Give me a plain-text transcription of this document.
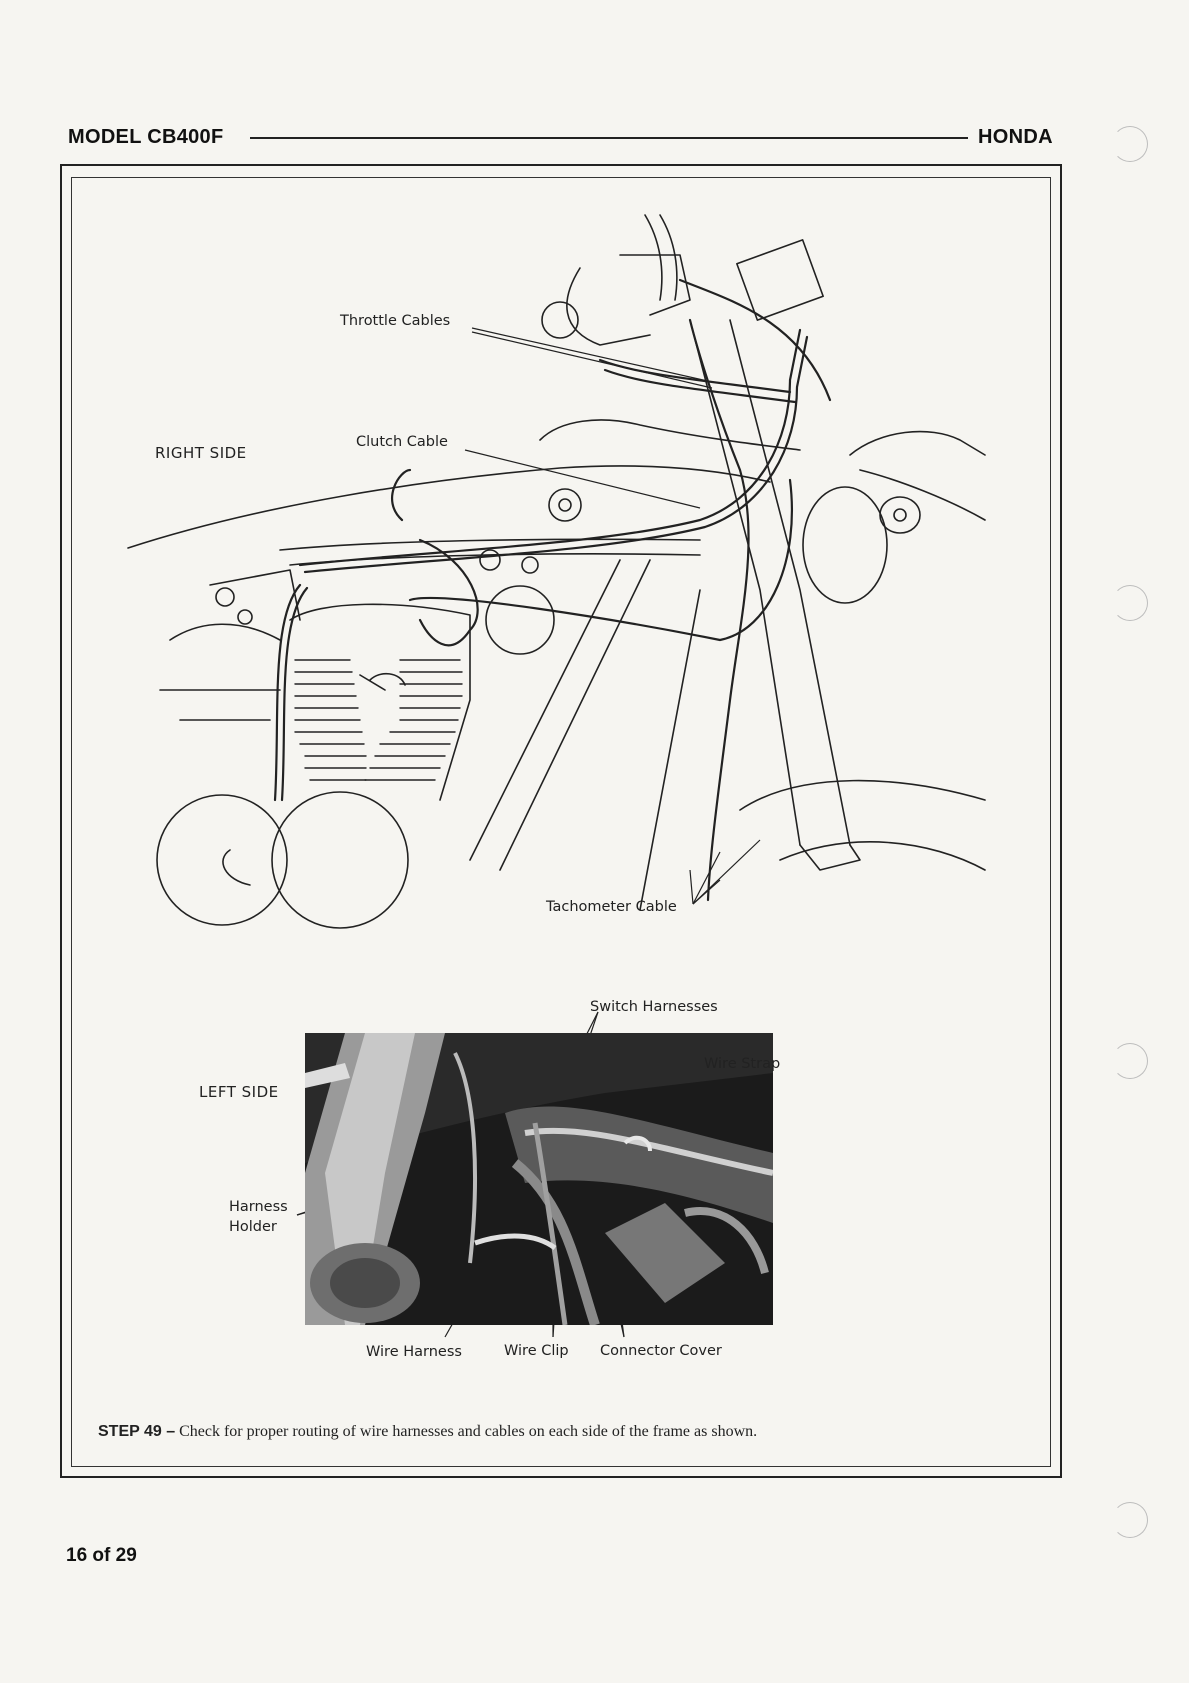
MODEL CB400F	HONDA
RIGHT SIDE
Throttle Cables
Clutch Cable
Tachometer Cable
Switch Harnesses
Wire Strap
LEFT SIDE
Harness
Holder
Wire Harness	Wire Clip Connector Cover
STEP 49 – Check for proper routing of wire harnesses and cables on each side of the frame as shown.
16 of 29
